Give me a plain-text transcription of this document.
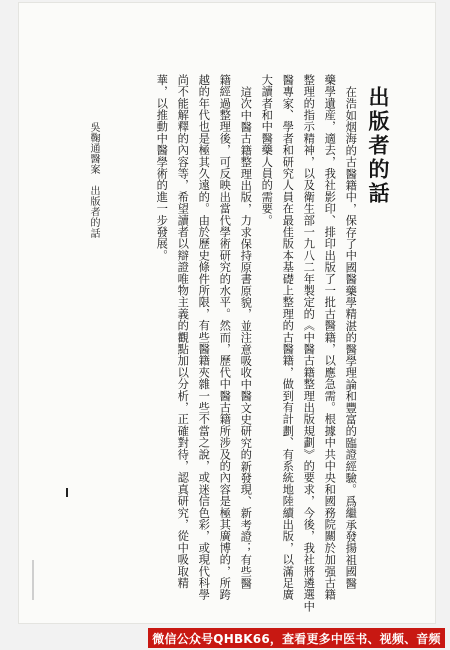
出版者的話
在浩如烟海的古醫籍中，保存了中國醫藥學精湛的醫學理論和豐富的臨證經驗。爲繼承發揚祖國醫
藥學遺産，適去，我社影印、排印出版了一批古醫籍，以應急需。根據中共中央和國務院關於加强古籍
整理的指示精神，以及衛生部一九八二年製定的《中醫古籍整理出版規劃》的要求，今後，我社將遴選中
醫專家、學者和研究人員在最佳版本基礎上整理的古醫籍，做到有計劃、有系統地陸續出版，以滿足廣
大讀者和中醫藥人員的需要。
這次中醫古籍整理出版，力求保持原書原貌，並注意吸收中醫文史研究的新發現、新考證；有些醫
籍經過整理後，可反映出當代學術研究的水平。然而，歷代中醫古籍所涉及的內容是極其廣博的，所跨
越的年代也是極其久遠的。由於歷史條件所限，有些醫籍夾雜一些不當之說，或迷信色彩，或現代科學
尚不能解釋的內容等，希望讀者以辯證唯物主義的觀點加以分析，正確對待，認真研究，從中吸取精
華，以推動中醫學術的進一步發展。
吳鞠通醫案　出版者的話
微信公众号QHBK66，查看更多中医书、视频、音频
